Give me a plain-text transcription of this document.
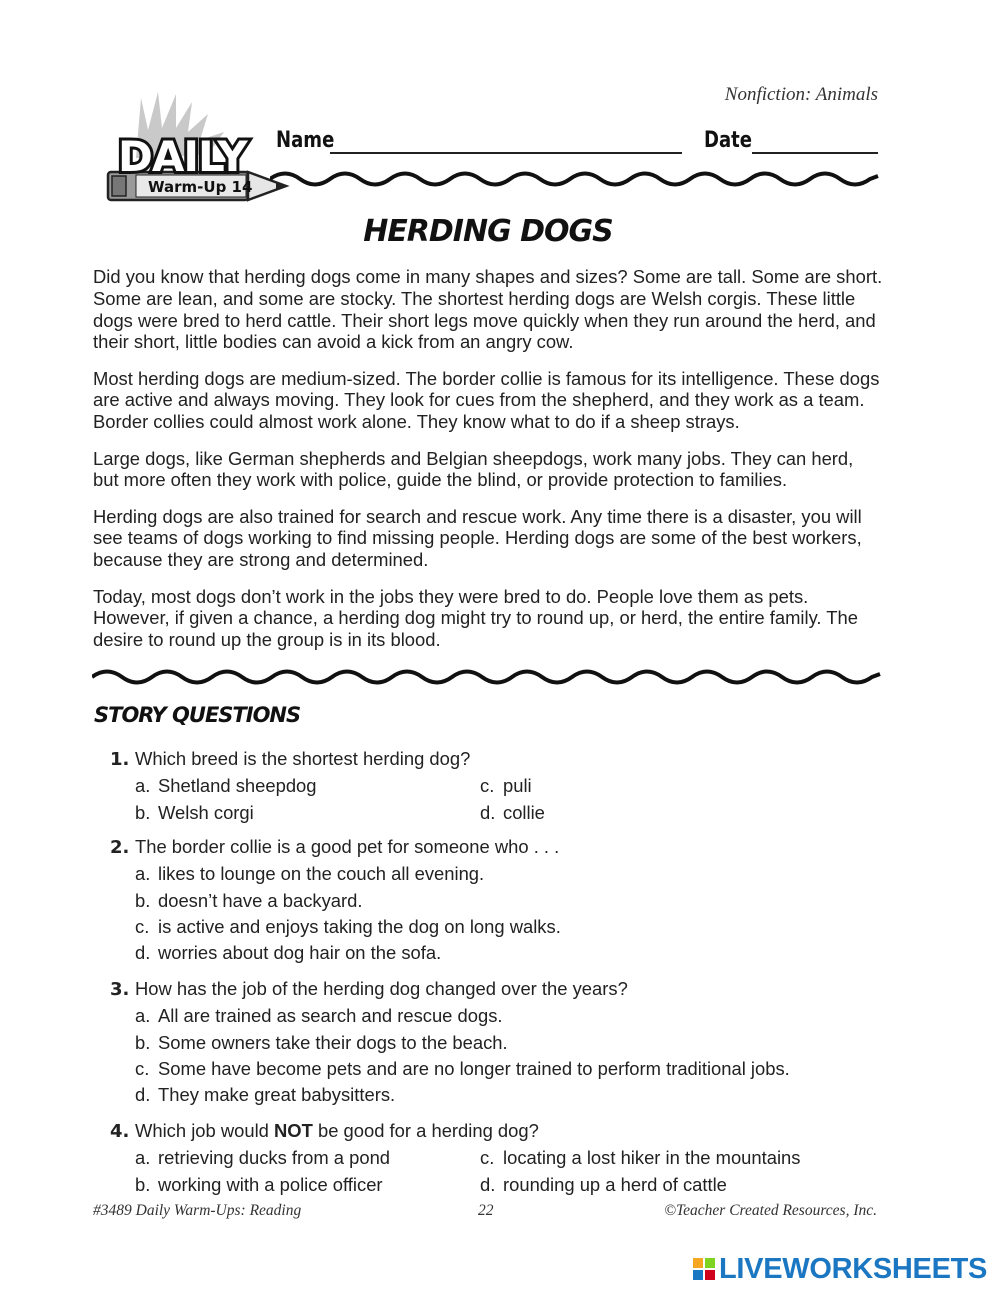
Nonfiction: Animals
DAILY
Warm-Up 14
Name	Date
HERDING DOGS

Did you know that herding dogs come in many shapes and sizes? Some are tall. Some are short. Some are lean, and some are stocky. The shortest herding dogs are Welsh corgis. These little dogs were bred to herd cattle. Their short legs move quickly when they run around the herd, and their short, little bodies can avoid a kick from an angry cow.

Most herding dogs are medium-sized. The border collie is famous for its intelligence. These dogs are active and always moving. They look for cues from the shepherd, and they work as a team. Border collies could almost work alone. They know what to do if a sheep strays.

Large dogs, like German shepherds and Belgian sheepdogs, work many jobs. They can herd, but more often they work with police, guide the blind, or provide protection to families.

Herding dogs are also trained for search and rescue work. Any time there is a disaster, you will see teams of dogs working to find missing people. Herding dogs are some of the best workers, because they are strong and determined.

Today, most dogs don’t work in the jobs they were bred to do. People love them as pets. However, if given a chance, a herding dog might try to round up, or herd, the entire family. The desire to round up the group is in its blood.

STORY QUESTIONS
1. Which breed is the shortest herding dog?
a. Shetland sheepdog	c. puli
b. Welsh corgi	d. collie
2. The border collie is a good pet for someone who . . .
a. likes to lounge on the couch all evening.
b. doesn’t have a backyard.
c. is active and enjoys taking the dog on long walks.
d. worries about dog hair on the sofa.
3. How has the job of the herding dog changed over the years?
a. All are trained as search and rescue dogs.
b. Some owners take their dogs to the beach.
c. Some have become pets and are no longer trained to perform traditional jobs.
d. They make great babysitters.
4. Which job would NOT be good for a herding dog?
a. retrieving ducks from a pond	c. locating a lost hiker in the mountains
b. working with a police officer	d. rounding up a herd of cattle
#3489 Daily Warm-Ups: Reading	22	©Teacher Created Resources, Inc.
LIVEWORKSHEETS
